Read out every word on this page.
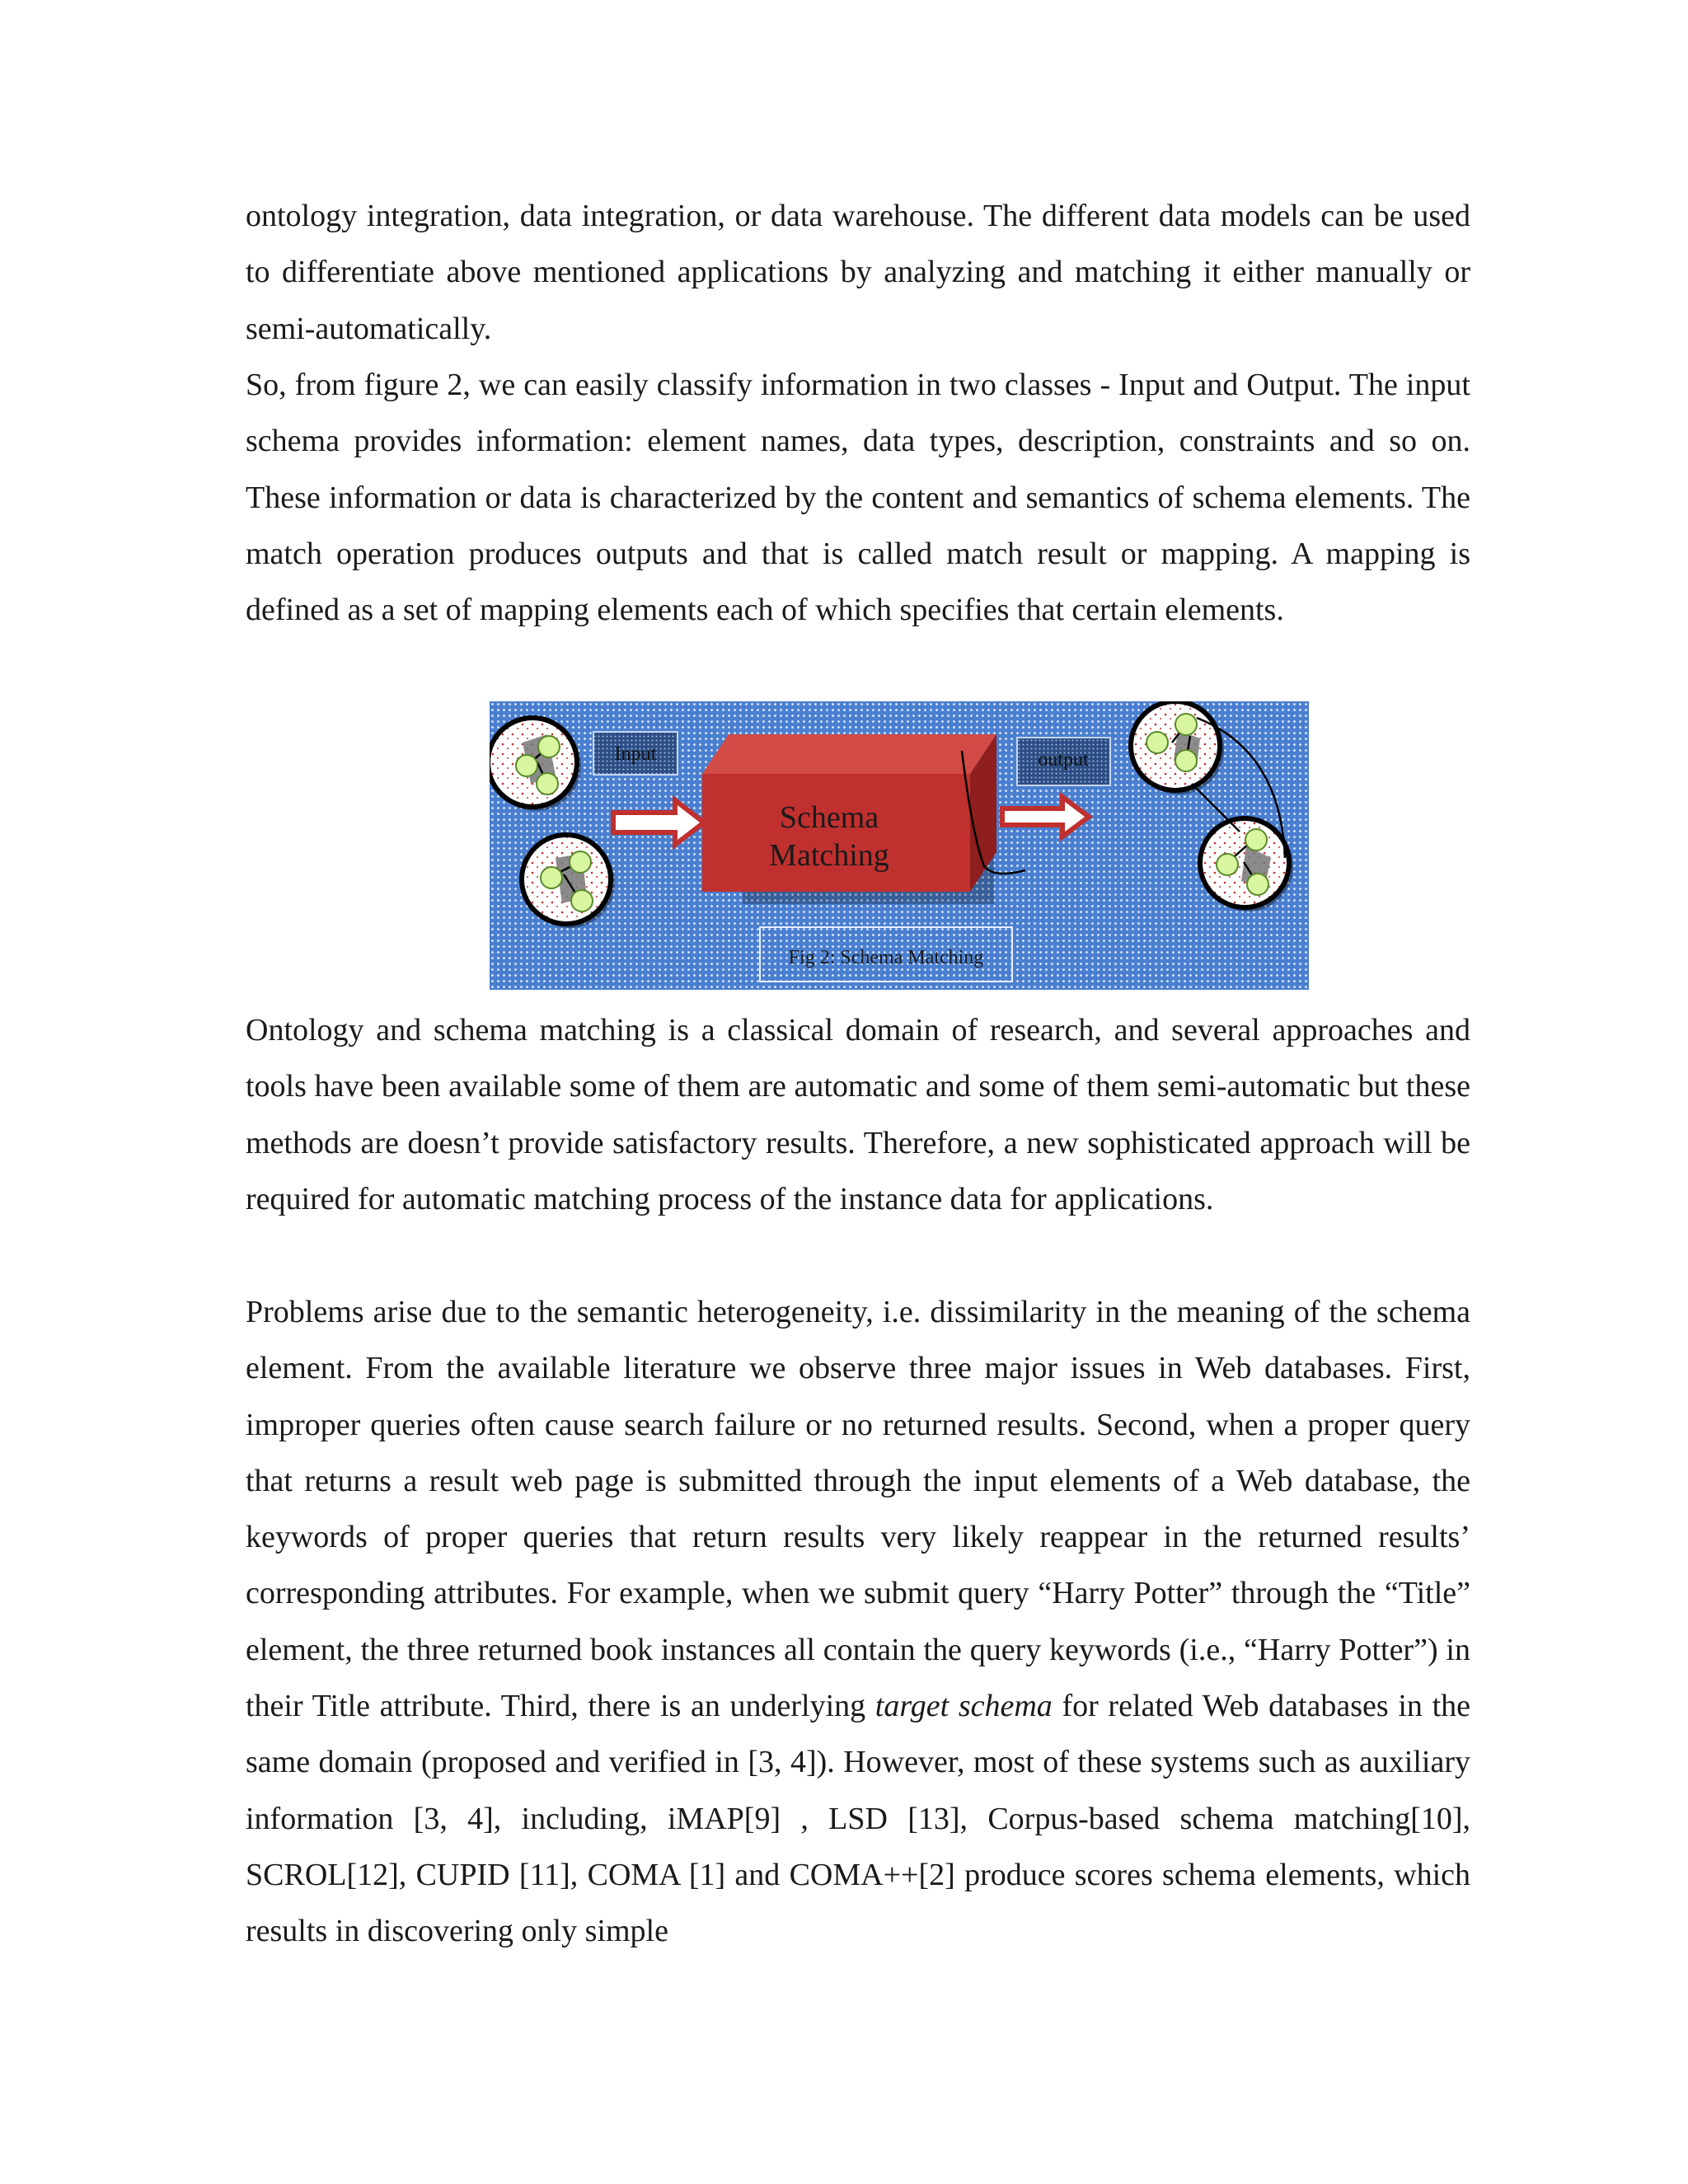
ontology integration, data integration, or data warehouse. The different data models can be used to differentiate above mentioned applications by analyzing and matching it either manually or semi-automatically.

So, from figure 2, we can easily classify information in two classes - Input and Output. The input schema provides information: element names, data types, description, constraints and so on. These information or data is characterized by the content and semantics of schema elements. The match operation produces outputs and that is called match result or mapping. A mapping is defined as a set of mapping elements each of which specifies that certain elements.

Input
Schema
Matching
output
Fig 2: Schema Matching

Ontology and schema matching is a classical domain of research, and several approaches and tools have been available some of them are automatic and some of them semi-automatic but these methods are doesn’t provide satisfactory results. Therefore, a new sophisticated approach will be required for automatic matching process of the instance data for applications.

Problems arise due to the semantic heterogeneity, i.e. dissimilarity in the meaning of the schema element. From the available literature we observe three major issues in Web databases. First, improper queries often cause search failure or no returned results. Second, when a proper query that returns a result web page is submitted through the input elements of a Web database, the keywords of proper queries that return results very likely reappear in the returned results’ corresponding attributes. For example, when we submit query “Harry Potter” through the “Title” element, the three returned book instances all contain the query keywords (i.e., “Harry Potter”) in their Title attribute. Third, there is an underlying target schema for related Web databases in the same domain (proposed and verified in [3, 4]). However, most of these systems such as auxiliary information [3, 4], including, iMAP[9] , LSD [13], Corpus-based schema matching[10], SCROL[12], CUPID [11], COMA [1] and COMA++[2] produce scores schema elements, which results in discovering only simple
